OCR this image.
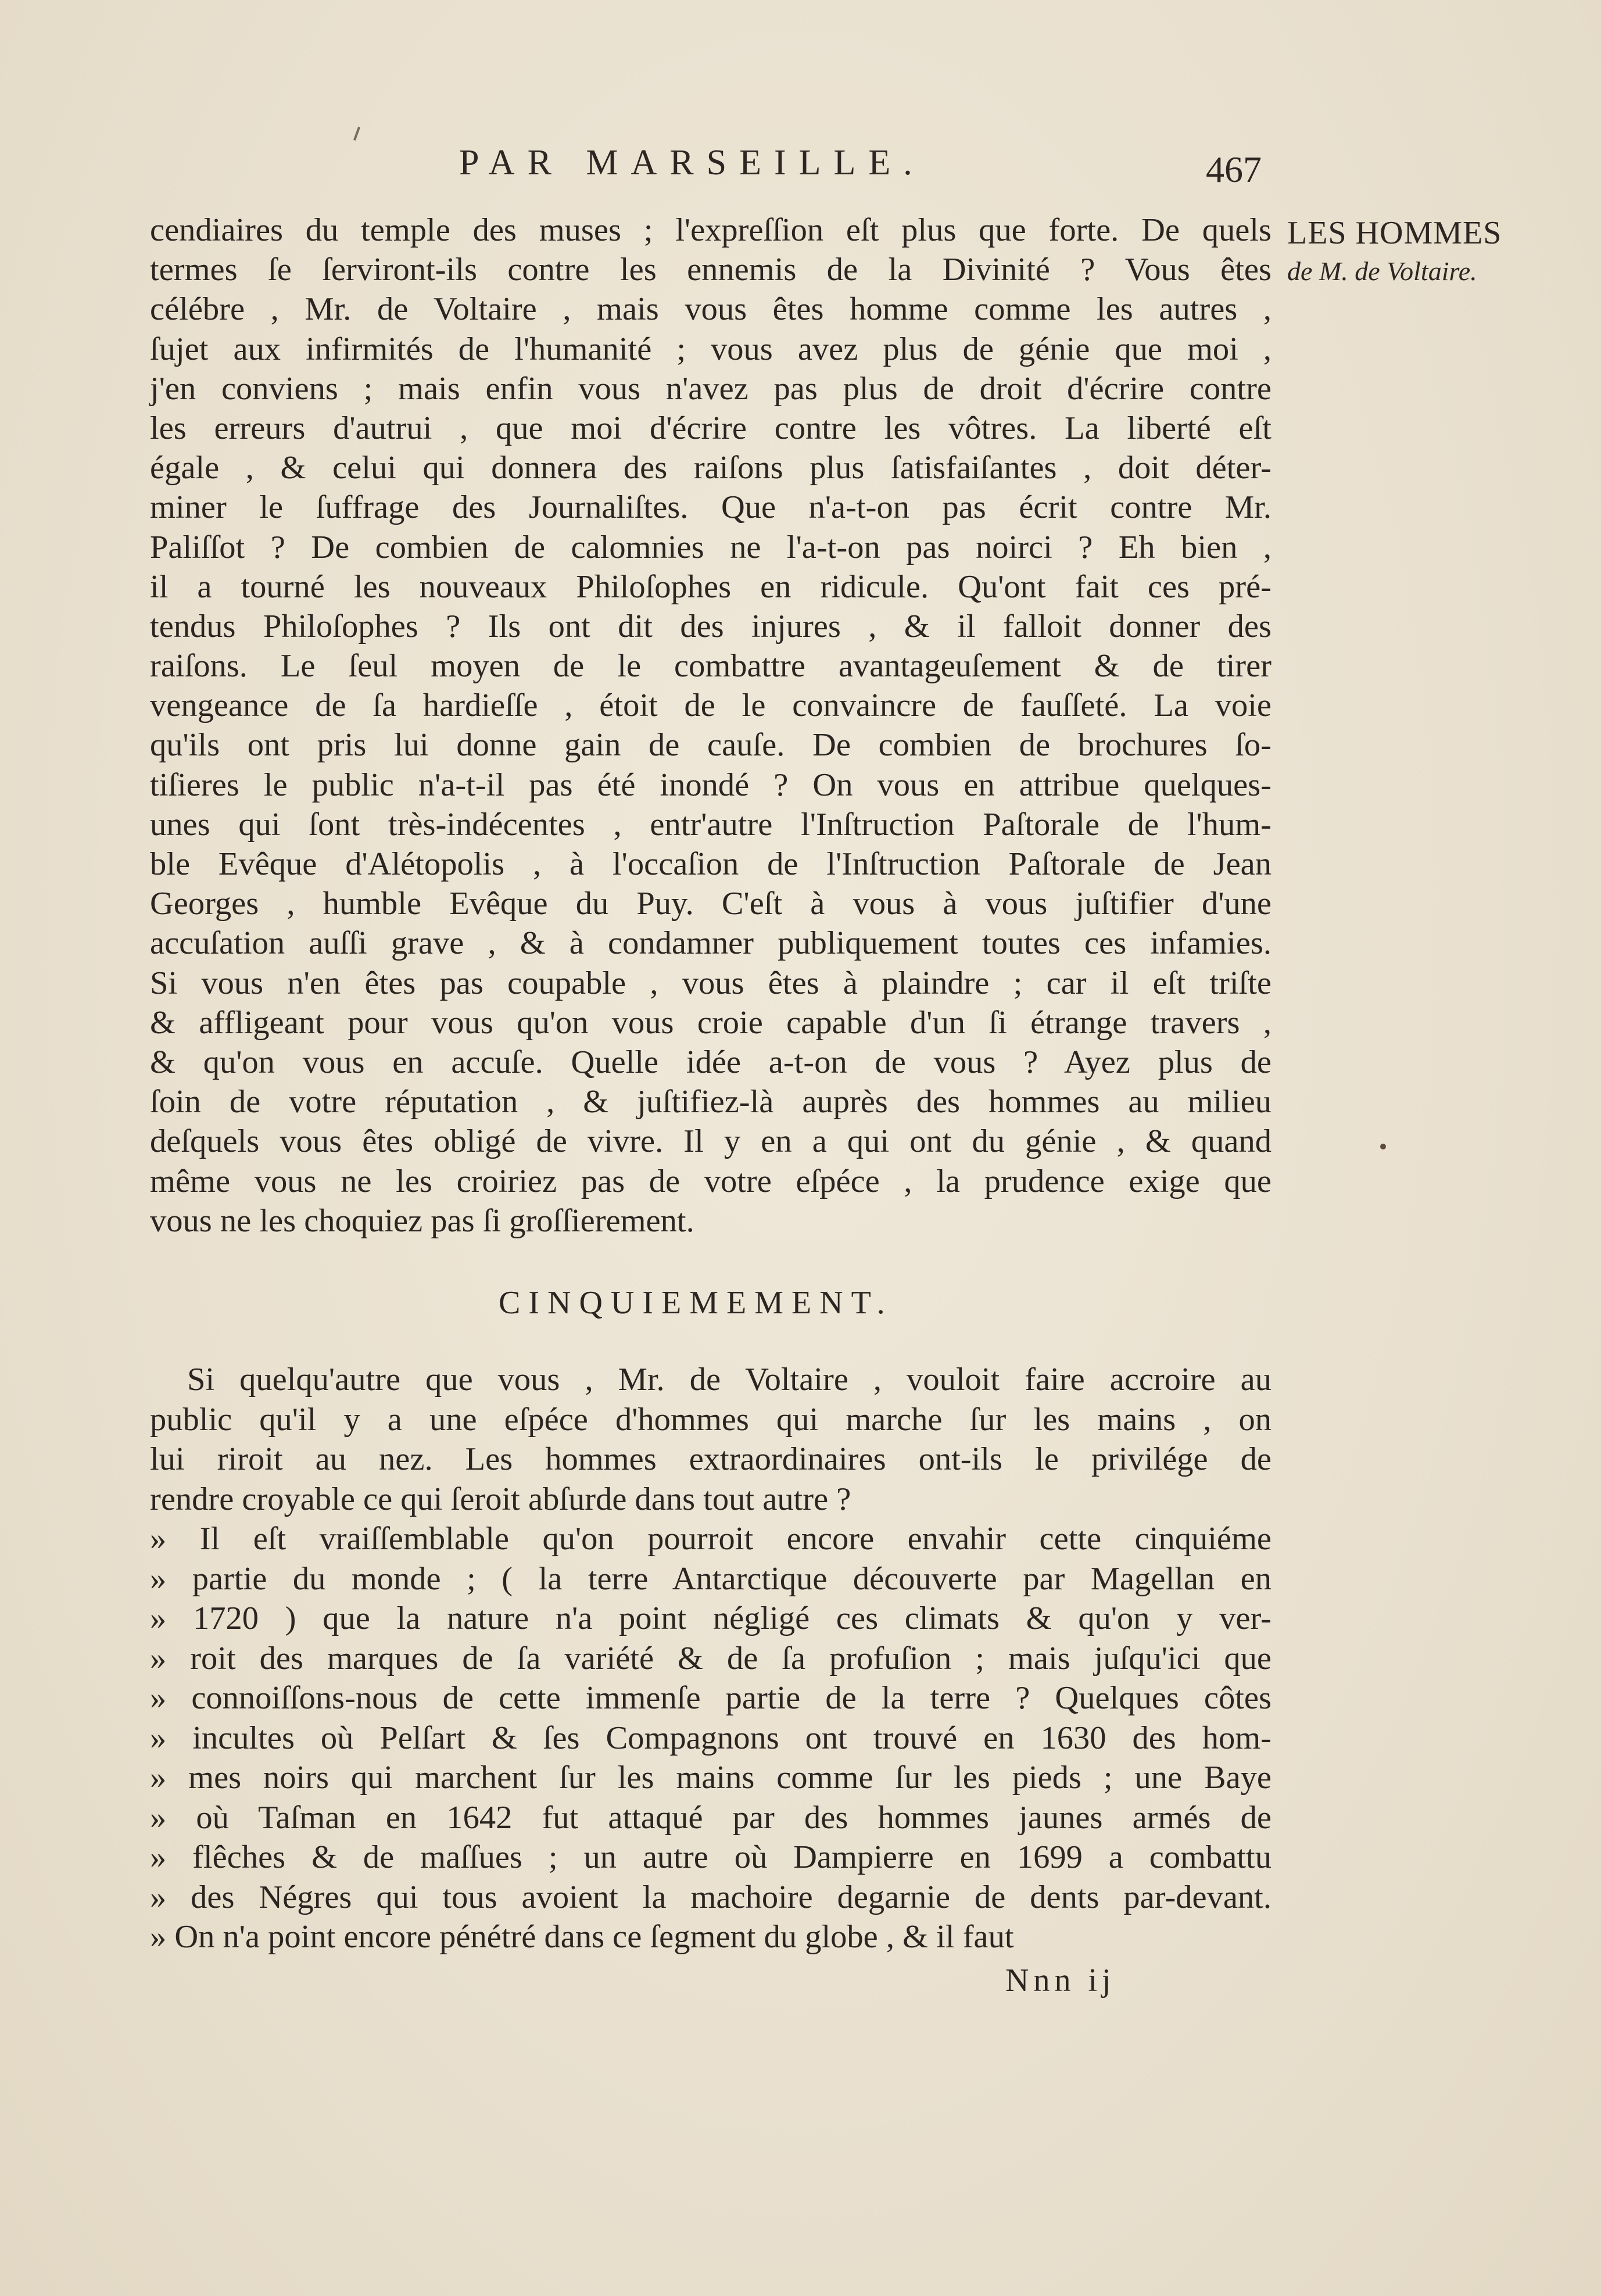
PAR MARSEILLE.	467
LES HOMMES
de M. de Voltaire.
cendiaires du temple des muses ; l'expreſſion eſt plus que forte. De quels
termes ſe ſerviront-ils contre les ennemis de la Divinité ? Vous êtes
célébre , Mr. de Voltaire , mais vous êtes homme comme les autres ,
ſujet aux infirmités de l'humanité ; vous avez plus de génie que moi ,
j'en conviens ; mais enfin vous n'avez pas plus de droit d'écrire contre
les erreurs d'autrui , que moi d'écrire contre les vôtres. La liberté eſt
égale , & celui qui donnera des raiſons plus ſatisfaiſantes , doit déter-
miner le ſuffrage des Journaliſtes. Que n'a-t-on pas écrit contre Mr.
Paliſſot ? De combien de calomnies ne l'a-t-on pas noirci ? Eh bien ,
il a tourné les nouveaux Philoſophes en ridicule. Qu'ont fait ces pré-
tendus Philoſophes ? Ils ont dit des injures , & il falloit donner des
raiſons. Le ſeul moyen de le combattre avantageuſement & de tirer
vengeance de ſa hardieſſe , étoit de le convaincre de fauſſeté. La voie
qu'ils ont pris lui donne gain de cauſe. De combien de brochures ſo-
tiſieres le public n'a-t-il pas été inondé ? On vous en attribue quelques-
unes qui ſont très-indécentes , entr'autre l'Inſtruction Paſtorale de l'hum-
ble Evêque d'Alétopolis , à l'occaſion de l'Inſtruction Paſtorale de Jean
Georges , humble Evêque du Puy. C'eſt à vous à vous juſtifier d'une
accuſation auſſi grave , & à condamner publiquement toutes ces infamies.
Si vous n'en êtes pas coupable , vous êtes à plaindre ; car il eſt triſte
& affligeant pour vous qu'on vous croie capable d'un ſi étrange travers ,
& qu'on vous en accuſe. Quelle idée a-t-on de vous ? Ayez plus de
ſoin de votre réputation , & juſtifiez-là auprès des hommes au milieu
deſquels vous êtes obligé de vivre. Il y en a qui ont du génie , & quand
même vous ne les croiriez pas de votre eſpéce , la prudence exige que
vous ne les choquiez pas ſi groſſierement.
CINQUIEMEMENT.
Si quelqu'autre que vous , Mr. de Voltaire , vouloit faire accroire au
public qu'il y a une eſpéce d'hommes qui marche ſur les mains , on
lui riroit au nez. Les hommes extraordinaires ont-ils le privilége de
rendre croyable ce qui ſeroit abſurde dans tout autre ?
» Il eſt vraiſſemblable qu'on pourroit encore envahir cette cinquiéme
» partie du monde ; ( la terre Antarctique découverte par Magellan en
» 1720 ) que la nature n'a point négligé ces climats & qu'on y ver-
» roit des marques de ſa variété & de ſa profuſion ; mais juſqu'ici que
» connoiſſons-nous de cette immenſe partie de la terre ? Quelques côtes
» incultes où Pelſart & ſes Compagnons ont trouvé en 1630 des hom-
» mes noirs qui marchent ſur les mains comme ſur les pieds ; une Baye
» où Taſman en 1642 fut attaqué par des hommes jaunes armés de
» flêches & de maſſues ; un autre où Dampierre en 1699 a combattu
» des Négres qui tous avoient la machoire degarnie de dents par-devant.
» On n'a point encore pénétré dans ce ſegment du globe , & il faut
Nnn ij
